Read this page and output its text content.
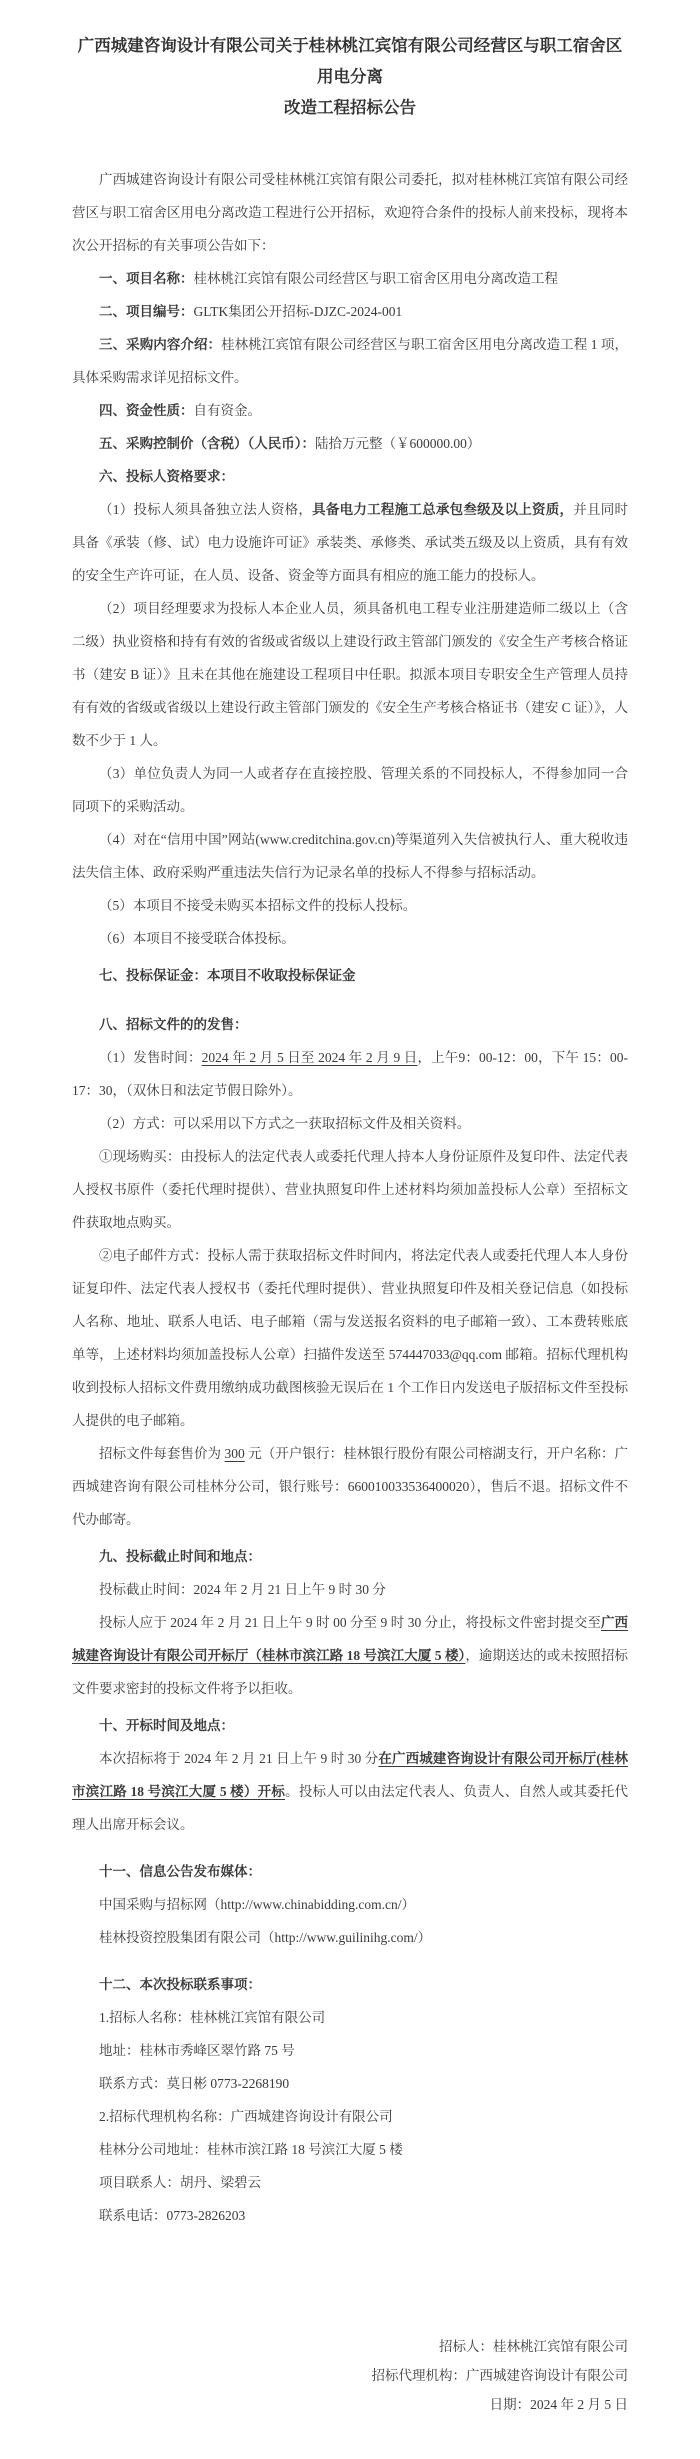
广西城建咨询设计有限公司关于桂林桃江宾馆有限公司经营区与职工宿舍区用电分离
改造工程招标公告
广西城建咨询设计有限公司受桂林桃江宾馆有限公司委托，拟对桂林桃江宾馆有限公司经营区与职工宿舍区用电分离改造工程进行公开招标，欢迎符合条件的投标人前来投标，现将本次公开招标的有关事项公告如下：
一、项目名称：桂林桃江宾馆有限公司经营区与职工宿舍区用电分离改造工程
二、项目编号：GLTK集团公开招标-DJZC-2024-001
三、采购内容介绍：桂林桃江宾馆有限公司经营区与职工宿舍区用电分离改造工程 1 项，具体采购需求详见招标文件。
四、资金性质：自有资金。
五、采购控制价（含税）（人民币）：陆拾万元整（￥600000.00）
六、投标人资格要求：
（1）投标人须具备独立法人资格，具备电力工程施工总承包叁级及以上资质，并且同时具备《承装（修、试）电力设施许可证》承装类、承修类、承试类五级及以上资质，具有有效的安全生产许可证，在人员、设备、资金等方面具有相应的施工能力的投标人。
（2）项目经理要求为投标人本企业人员，须具备机电工程专业注册建造师二级以上（含二级）执业资格和持有有效的省级或省级以上建设行政主管部门颁发的《安全生产考核合格证书（建安 B 证）》且未在其他在施建设工程项目中任职。拟派本项目专职安全生产管理人员持有有效的省级或省级以上建设行政主管部门颁发的《安全生产考核合格证书（建安 C 证）》，人数不少于 1 人。
（3）单位负责人为同一人或者存在直接控股、管理关系的不同投标人，不得参加同一合同项下的采购活动。
（4）对在“信用中国”网站(www.creditchina.gov.cn)等渠道列入失信被执行人、重大税收违法失信主体、政府采购严重违法失信行为记录名单的投标人不得参与招标活动。
（5）本项目不接受未购买本招标文件的投标人投标。
（6）本项目不接受联合体投标。
七、投标保证金：本项目不收取投标保证金
八、招标文件的的发售：
（1）发售时间：2024 年 2 月 5 日至 2024 年 2 月 9 日，上午9：00-12：00，下午 15：00- 17：30，（双休日和法定节假日除外）。
（2）方式：可以采用以下方式之一获取招标文件及相关资料。
①现场购买：由投标人的法定代表人或委托代理人持本人身份证原件及复印件、法定代表人授权书原件（委托代理时提供）、营业执照复印件上述材料均须加盖投标人公章）至招标文件获取地点购买。
②电子邮件方式：投标人需于获取招标文件时间内，将法定代表人或委托代理人本人身份证复印件、法定代表人授权书（委托代理时提供）、营业执照复印件及相关登记信息（如投标人名称、地址、联系人电话、电子邮箱（需与发送报名资料的电子邮箱一致）、工本费转账底单等，上述材料均须加盖投标人公章）扫描件发送至 574447033@qq.com 邮箱。招标代理机构收到投标人招标文件费用缴纳成功截图核验无误后在 1 个工作日内发送电子版招标文件至投标人提供的电子邮箱。
招标文件每套售价为 300 元（开户银行：桂林银行股份有限公司榕湖支行，开户名称：广西城建咨询有限公司桂林分公司，银行账号：660010033536400020），售后不退。招标文件不代办邮寄。
九、投标截止时间和地点：
投标截止时间：2024 年 2 月 21 日上午 9 时 30 分
投标人应于 2024 年 2 月 21 日上午 9 时 00 分至 9 时 30 分止，将投标文件密封提交至广西城建咨询设计有限公司开标厅（桂林市滨江路 18 号滨江大厦 5 楼），逾期送达的或未按照招标文件要求密封的投标文件将予以拒收。
十、开标时间及地点：
本次招标将于 2024 年 2 月 21 日上午 9 时 30 分在广西城建咨询设计有限公司开标厅(桂林市滨江路 18 号滨江大厦 5 楼）开标。投标人可以由法定代表人、负责人、自然人或其委托代理人出席开标会议。
十一、信息公告发布媒体：
中国采购与招标网（http://www.chinabidding.com.cn/）
桂林投资控股集团有限公司（http://www.guilinihg.com/）
十二、本次投标联系事项：
1.招标人名称：桂林桃江宾馆有限公司
地址：桂林市秀峰区翠竹路 75 号
联系方式：莫日彬 0773-2268190
2.招标代理机构名称：广西城建咨询设计有限公司
桂林分公司地址：桂林市滨江路 18 号滨江大厦 5 楼
项目联系人：胡丹、梁碧云
联系电话：0773-2826203
招标人：桂林桃江宾馆有限公司
招标代理机构：广西城建咨询设计有限公司
日期：2024 年 2 月 5 日
